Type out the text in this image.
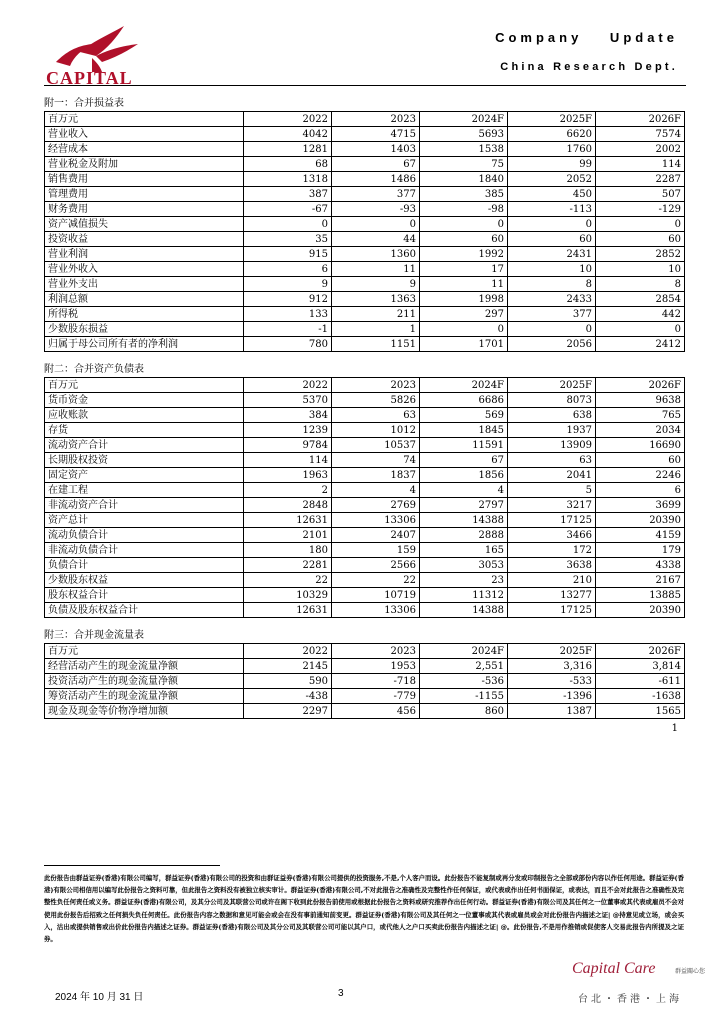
CAPITAL
Company Update
China Research Dept.
附一：合并损益表
百万元	2022	2023	2024F	2025F	2026F
营业收入	4042	4715	5693	6620	7574
经营成本	1281	1403	1538	1760	2002
营业税金及附加	68	67	75	99	114
销售费用	1318	1486	1840	2052	2287
管理费用	387	377	385	450	507
财务费用	-67	-93	-98	-113	-129
资产减值损失	0	0	0	0	0
投资收益	35	44	60	60	60
营业利润	915	1360	1992	2431	2852
营业外收入	6	11	17	10	10
营业外支出	9	9	11	8	8
利润总额	912	1363	1998	2433	2854
所得税	133	211	297	377	442
少数股东损益	-1	1	0	0	0
归属于母公司所有者的净利润	780	1151	1701	2056	2412
附二：合并资产负债表
百万元	2022	2023	2024F	2025F	2026F
货币资金	5370	5826	6686	8073	9638
应收账款	384	63	569	638	765
存货	1239	1012	1845	1937	2034
流动资产合计	9784	10537	11591	13909	16690
长期股权投资	114	74	67	63	60
固定资产	1963	1837	1856	2041	2246
在建工程	2	4	4	5	6
非流动资产合计	2848	2769	2797	3217	3699
资产总计	12631	13306	14388	17125	20390
流动负债合计	2101	2407	2888	3466	4159
非流动负债合计	180	159	165	172	179
负债合计	2281	2566	3053	3638	4338
少数股东权益	22	22	23	210	2167
股东权益合计	10329	10719	11312	13277	13885
负债及股东权益合计	12631	13306	14388	17125	20390
附三：合并现金流量表
百万元	2022	2023	2024F	2025F	2026F
经营活动产生的现金流量净额	2145	1953	2,551	3,316	3,814
投资活动产生的现金流量净额	590	-718	-536	-533	-611
筹资活动产生的现金流量净额	-438	-779	-1155	-1396	-1638
现金及现金等价物净增加额	2297	456	860	1387	1565
1
此份报告由群益证券(香港)有限公司编写，群益证券(香港)有限公司的投资和由群证益券(香港)有限公司提供的投资服务,不是,个人客户而设。此份报告不能复制或再分发或印制报告之全部或部份内容以作任何用途。群益证券(香港)有限公司相信用以编写此份报告之资料可靠，但此报告之资料没有被独立核实审计。群益证券(香港)有限公司,不对此报告之准确性及完整性作任何保证，或代表或作出任何书面保证，或表达，而且不会对此报告之准确性及完整性负任何责任或义务。群益证券(香港)有限公司，及其分公司及其联营公司或许在阁下收到此份报告前使用或根据此份报告之资料或研究推荐作出任何行动。群益证券(香港)有限公司及其任何之一位董事或其代表或雇员不会对使用此份报告后招致之任何损失负任何责任。此份报告内容之数据和意见可能会或会在没有事前通知前变更。群益证券(香港)有限公司及其任何之一位董事或其代表或雇员或会对此份报告内描述之证| @持意见或立场，或会买入，沽出或提供销售或出价此份报告内描述之证券。群益证券(香港)有限公司及其分公司及其联营公司可能以其户口，或代他人之户口买卖此份报告内描述之证| @。此份报告,不是用作推销或促使客人交易此报告内所提及之证券。
2024 年 10 月 31 日	3
Capital Care	群益關心您
台北・香港・上海
